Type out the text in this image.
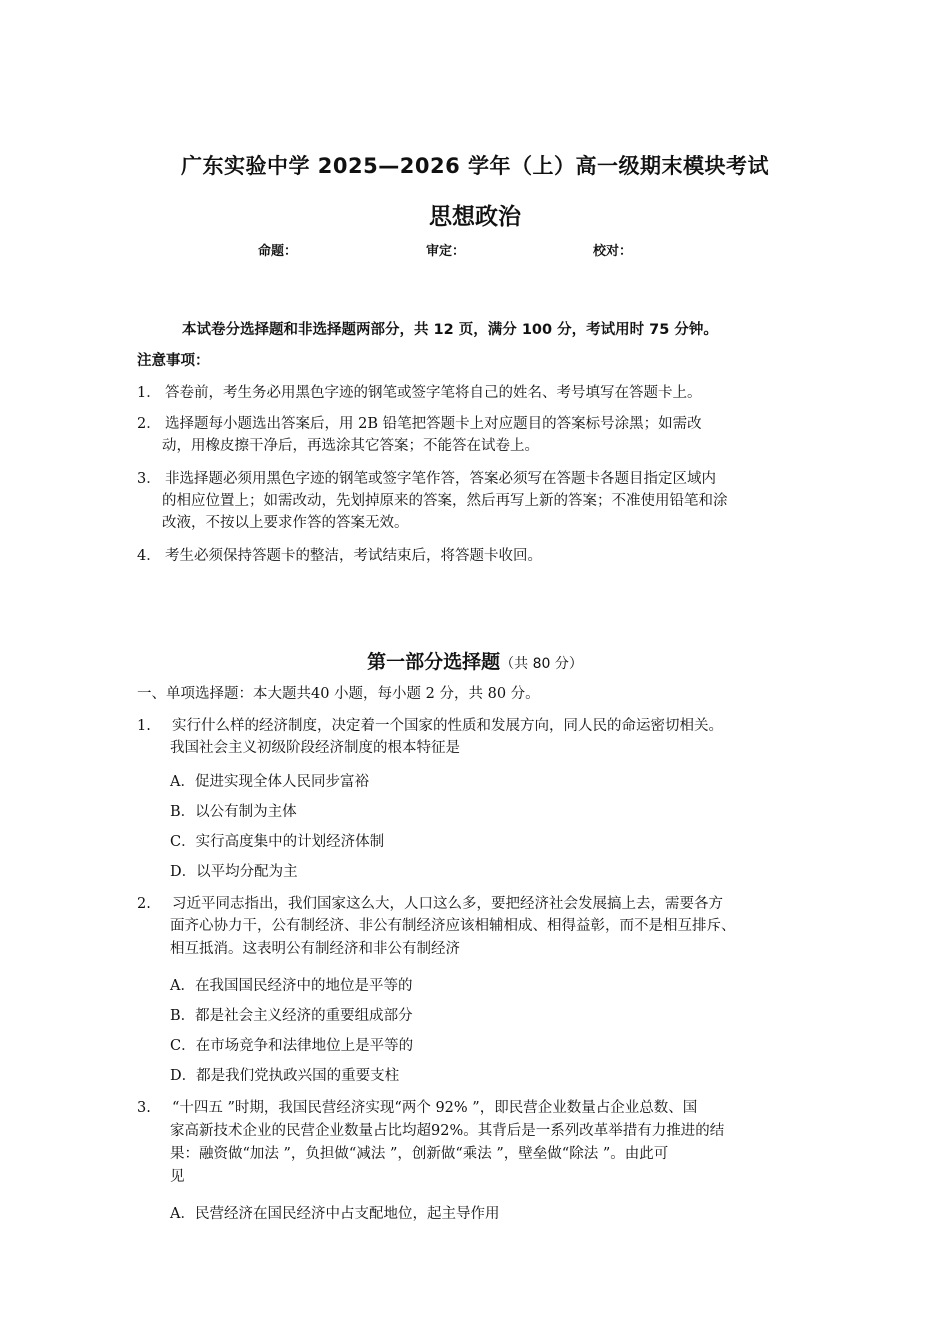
广东实验中学 2025—2026 学年（上）高一级期末模块考试
思想政治
命题：	审定：	校对：
本试卷分选择题和非选择题两部分，共 12 页，满分 100 分，考试用时 75 分钟。
注意事项：
1． 答卷前，考生务必用黑色字迹的钢笔或签字笔将自己的姓名、考号填写在答题卡上。
2． 选择题每小题选出答案后，用 2B 铅笔把答题卡上对应题目的答案标号涂黑；如需改
动，用橡皮擦干净后，再选涂其它答案；不能答在试卷上。
3． 非选择题必须用黑色字迹的钢笔或签字笔作答，答案必须写在答题卡各题目指定区域内
的相应位置上；如需改动，先划掉原来的答案，然后再写上新的答案；不准使用铅笔和涂
改液，不按以上要求作答的答案无效。
4． 考生必须保持答题卡的整洁，考试结束后，将答题卡收回。
第一部分选择题（共 80 分）
一、单项选择题：本大题共40 小题，每小题 2 分，共 80 分。
1. 实行什么样的经济制度，决定着一个国家的性质和发展方向，同人民的命运密切相关。
我国社会主义初级阶段经济制度的根本特征是
A．促进实现全体人民同步富裕
B．以公有制为主体
C．实行高度集中的计划经济体制
D．以平均分配为主
2. 习近平同志指出，我们国家这么大，人口这么多，要把经济社会发展搞上去，需要各方
面齐心协力干，公有制经济、非公有制经济应该相辅相成、相得益彰，而不是相互排斥、
相互抵消。这表明公有制经济和非公有制经济
A．在我国国民经济中的地位是平等的
B．都是社会主义经济的重要组成部分
C．在市场竞争和法律地位上是平等的
D．都是我们党执政兴国的重要支柱
3. “十四五 ”时期，我国民营经济实现“两个 92% ”，即民营企业数量占企业总数、国
家高新技术企业的民营企业数量占比均超92%。其背后是一系列改革举措有力推进的结
果：融资做“加法 ”，负担做“减法 ”，创新做“乘法 ”，壁垒做“除法 ”。由此可
见
A．民营经济在国民经济中占支配地位，起主导作用
